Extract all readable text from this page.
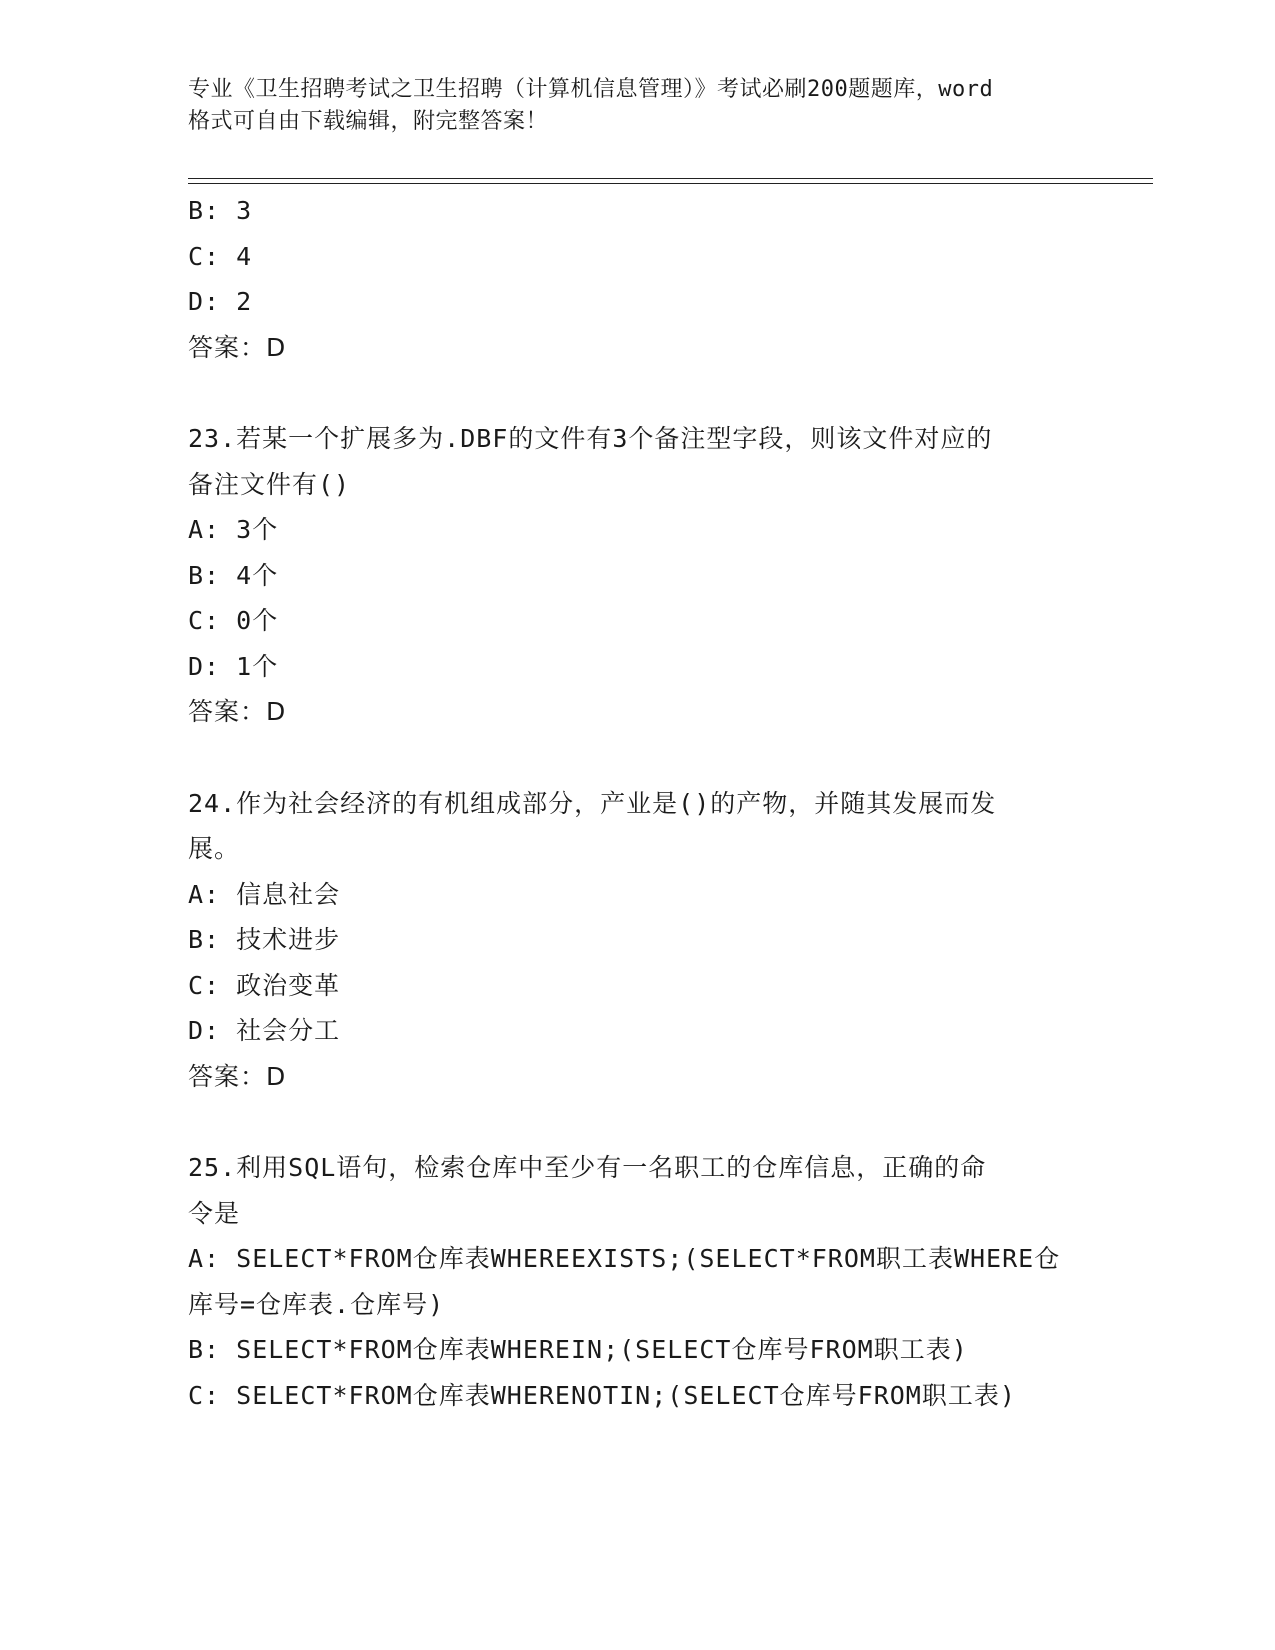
专业《卫生招聘考试之卫生招聘（计算机信息管理）》考试必刷200题题库，word
格式可自由下载编辑，附完整答案！
B: 3
C: 4
D: 2
答案：D
23.若某一个扩展多为.DBF的文件有3个备注型字段，则该文件对应的
备注文件有()
A: 3个
B: 4个
C: 0个
D: 1个
答案：D
24.作为社会经济的有机组成部分，产业是()的产物，并随其发展而发
展。
A: 信息社会
B: 技术进步
C: 政治变革
D: 社会分工
答案：D
25.利用SQL语句，检索仓库中至少有一名职工的仓库信息，正确的命
令是
A: SELECT*FROM仓库表WHEREEXISTS;(SELECT*FROM职工表WHERE仓
库号=仓库表.仓库号)
B: SELECT*FROM仓库表WHEREIN;(SELECT仓库号FROM职工表)
C: SELECT*FROM仓库表WHERENOTIN;(SELECT仓库号FROM职工表)
